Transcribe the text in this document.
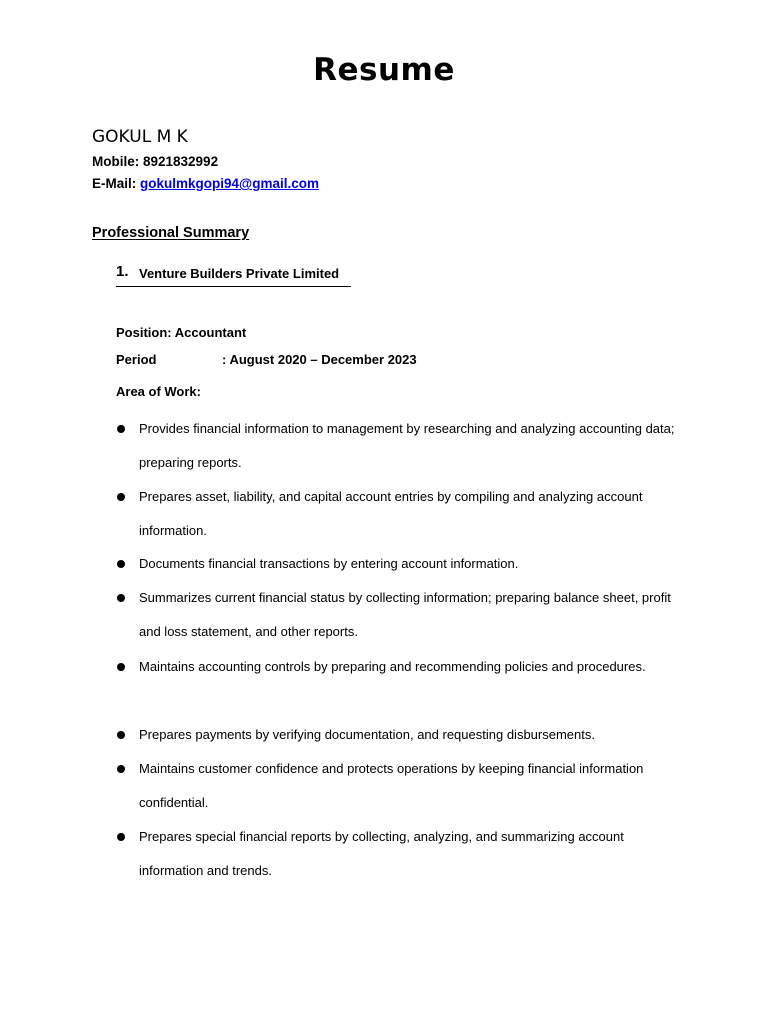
Resume
GOKUL M K
Mobile: 8921832992
E-Mail: gokulmkgopi94@gmail.com
Professional Summary
1. Venture Builders Private Limited
Position: Accountant
Period	: August 2020 – December 2023
Area of Work:
Provides financial information to management by researching and analyzing accounting data; preparing reports.
Prepares asset, liability, and capital account entries by compiling and analyzing account information.
Documents financial transactions by entering account information.
Summarizes current financial status by collecting information; preparing balance sheet, profit and loss statement, and other reports.
Maintains accounting controls by preparing and recommending policies and procedures.
Prepares payments by verifying documentation, and requesting disbursements.
Maintains customer confidence and protects operations by keeping financial information confidential.
Prepares special financial reports by collecting, analyzing, and summarizing account information and trends.
